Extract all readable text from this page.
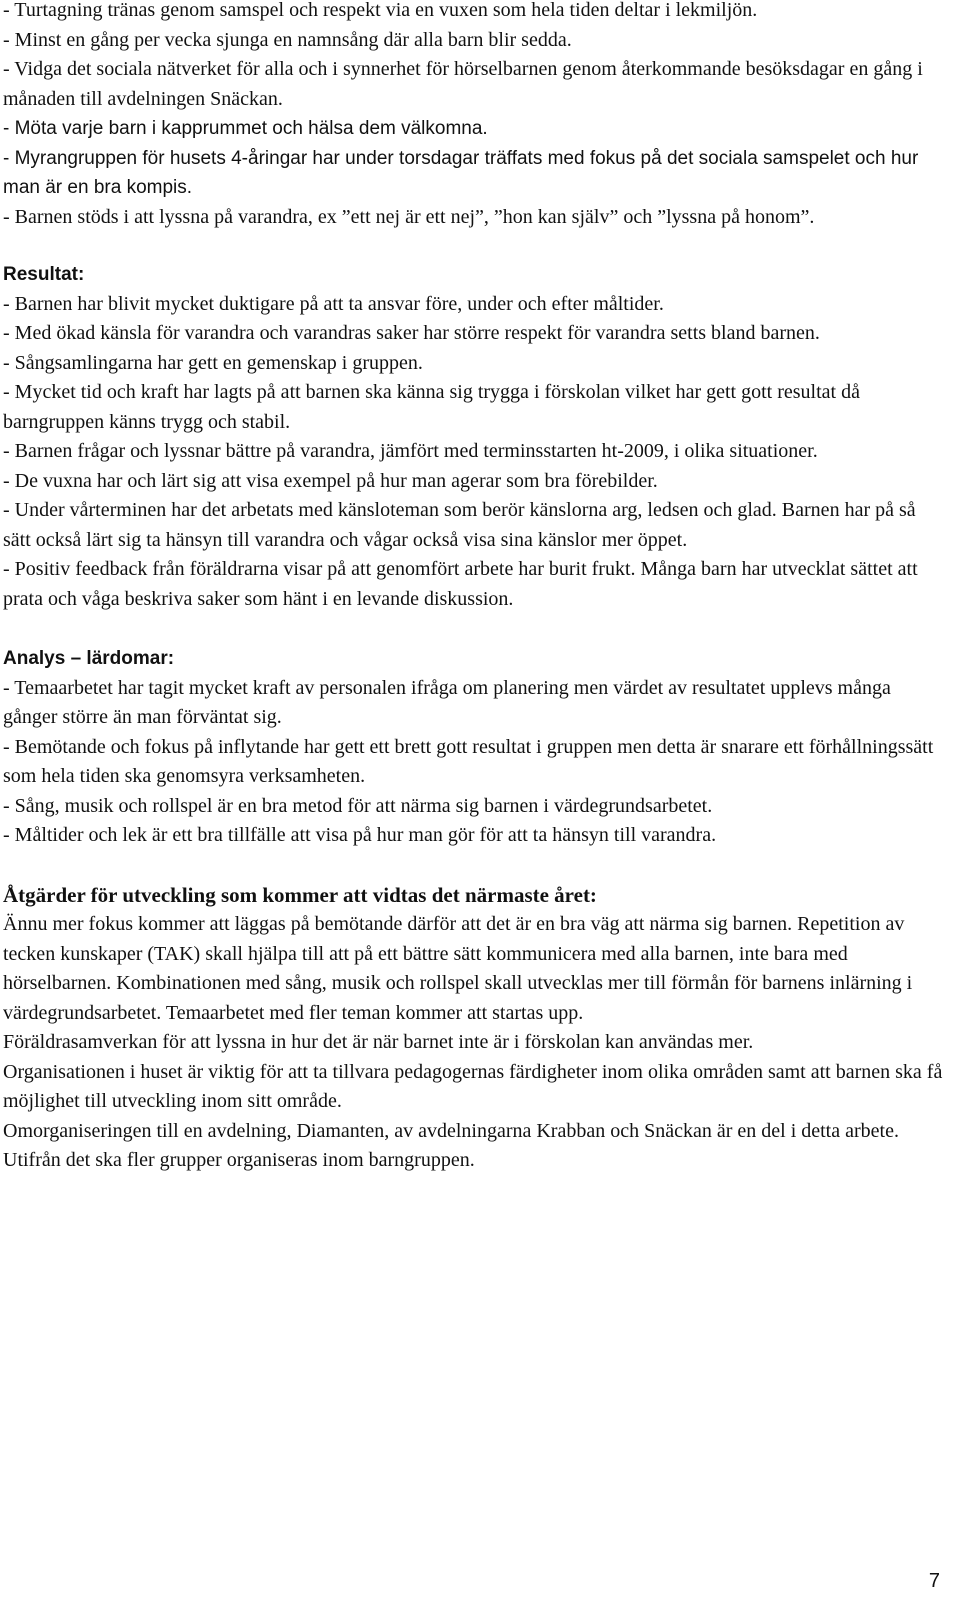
- Turtagning tränas genom samspel och respekt via en vuxen som hela tiden deltar i lekmiljön.

- Minst en gång per vecka sjunga en namnsång där alla barn blir sedda.

- Vidga det sociala nätverket för alla och i synnerhet för hörselbarnen genom återkommande besöksdagar en gång i månaden till avdelningen Snäckan.

- Möta varje barn i kapprummet och hälsa dem välkomna.

- Myrangruppen för husets 4-åringar har under torsdagar träffats med fokus på det sociala samspelet och hur man är en bra kompis.

- Barnen stöds i att lyssna på varandra, ex ”ett nej är ett nej”, ”hon kan själv” och ”lyssna på honom”.

Resultat:

- Barnen har blivit mycket duktigare på att ta ansvar före, under och efter måltider.

- Med ökad känsla för varandra och varandras saker har större respekt för varandra setts bland barnen.

- Sångsamlingarna har gett en gemenskap i gruppen.

- Mycket tid och kraft har lagts på att barnen ska känna sig trygga i förskolan vilket har gett gott resultat då barngruppen känns trygg och stabil.

- Barnen frågar och lyssnar bättre på varandra, jämfört med terminsstarten ht-2009, i olika situationer.

- De vuxna har och lärt sig att visa exempel på hur man agerar som bra förebilder.

- Under vårterminen har det arbetats med känsloteman som berör känslorna arg, ledsen och glad. Barnen har på så sätt också lärt sig ta hänsyn till varandra och vågar också visa sina känslor mer öppet.

- Positiv feedback från föräldrarna visar på att genomfört arbete har burit frukt. Många barn har utvecklat sättet att prata och våga beskriva saker som hänt i en levande diskussion.

Analys – lärdomar:

- Temaarbetet har tagit mycket kraft av personalen ifråga om planering men värdet av resultatet upplevs många gånger större än man förväntat sig.

- Bemötande och fokus på inflytande har gett ett brett gott resultat i gruppen men detta är snarare ett förhållningssätt som hela tiden ska genomsyra verksamheten.

- Sång, musik och rollspel är en bra metod för att närma sig barnen i värdegrundsarbetet.

- Måltider och lek är ett bra tillfälle att visa på hur man gör för att ta hänsyn till varandra.

Åtgärder för utveckling som kommer att vidtas det närmaste året:

Ännu mer fokus kommer att läggas på bemötande därför att det är en bra väg att närma sig barnen. Repetition av tecken kunskaper (TAK) skall hjälpa till att på ett bättre sätt kommunicera med alla barnen, inte bara med hörselbarnen. Kombinationen med sång, musik och rollspel skall utvecklas mer till förmån för barnens inlärning i värdegrundsarbetet. Temaarbetet med fler teman kommer att startas upp.

Föräldrasamverkan för att lyssna in hur det är när barnet inte är i förskolan kan användas mer.

Organisationen i huset är viktig för att ta tillvara pedagogernas färdigheter inom olika områden samt att barnen ska få möjlighet till utveckling inom sitt område.

Omorganiseringen till en avdelning, Diamanten, av avdelningarna Krabban och Snäckan är en del i detta arbete. Utifrån det ska fler grupper organiseras inom barngruppen.

7
